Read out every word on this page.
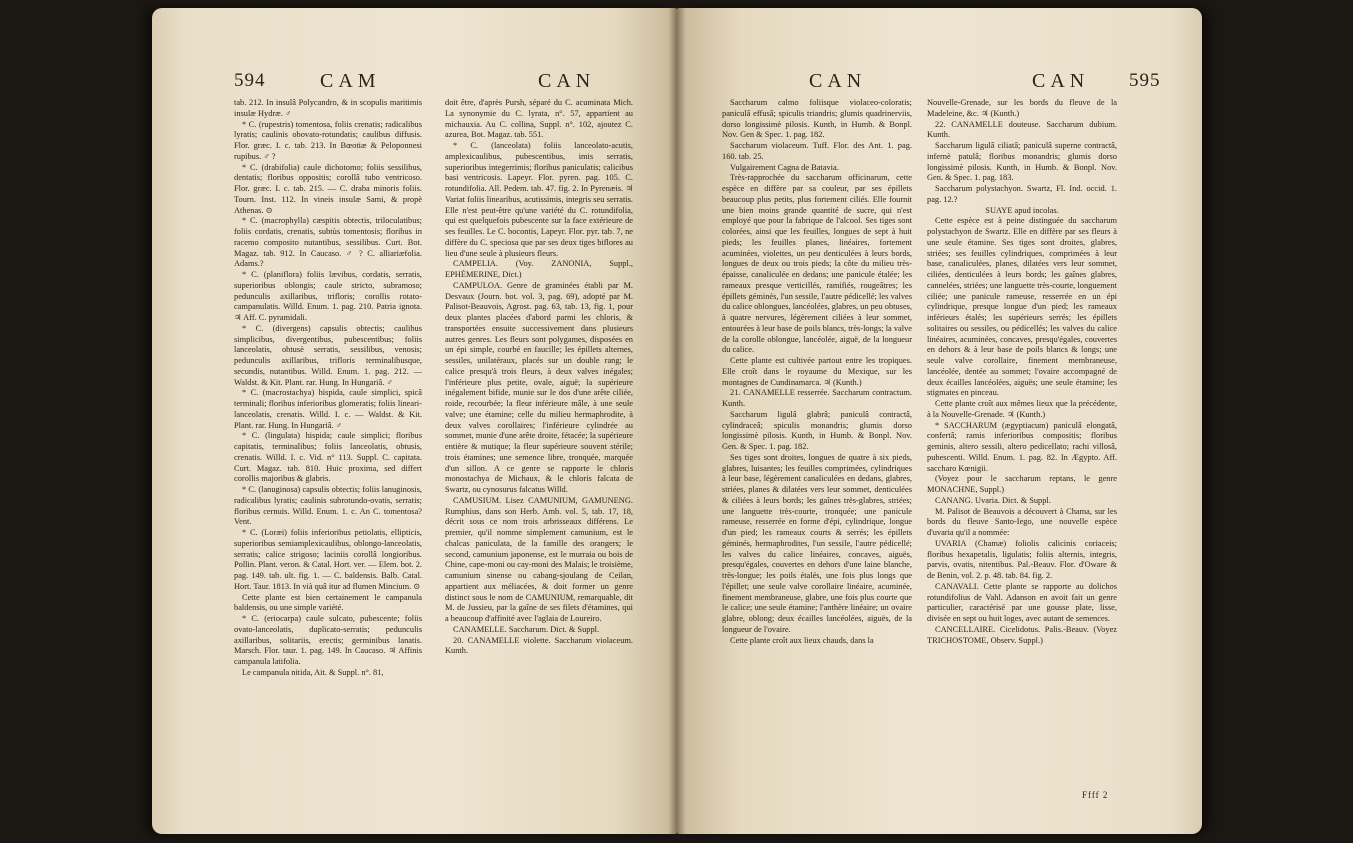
594	CAM	CAN

tab. 212. In insulâ Polycandro, & in scopulis maritimis insulæ Hydræ. ♂

* C. (rupestris) tomentosa, foliis crenatis; radicalibus lyratis; caulinis obovato-rotundatis; caulibus diffusis. Flor. græc. I. c. tab. 213. In Bœotiæ & Peloponnesi rupibus. ♂ ?

* C. (drabifolia) caule dichotomo; foliis sessilibus, dentatis; floribus oppositis; corollâ tubo ventricoso. Flor. græc. I. c. tab. 215. — C. draba minoris foliis. Tourn. Inst. 112. In vineis insulæ Sami, & propè Athenas. ⊙

* C. (macrophylla) cæspitis obtectis, triloculatibus; foliis cordatis, crenatis, subtùs tomentosis; floribus in racemo composito nutantibus, sessilibus. Curt. Bot. Magaz. tab. 912. In Caucaso. ♂ ? C. alliariæfolia. Adams.?

* C. (planiflora) foliis lævibus, cordatis, serratis, superioribus oblongis; caule stricto, subramoso; pedunculis axillaribus, trifloris; corollis rotato-campanulatis. Willd. Enum. 1. pag. 210. Patria ignota. ♃ Aff. C. pyramidali.

* C. (divergens) capsulis obtectis; caulibus simplicibus, divergentibus, pubescentibus; foliis lanceolatis, obtusè serratis, sessilibus, venosis; pedunculis axillaribus, trifloris terminalibusque, secundis, nutantibus. Willd. Enum. 1. pag. 212. — Waldst. & Kit. Plant. rar. Hung. In Hungariâ. ♂

* C. (macrostachya) hispida, caule simplici, spicâ terminali; floribus inferioribus glomeratis; foliis lineari-lanceolatis, crenatis. Willd. I. c. — Waldst. & Kit. Plant. rar. Hung. In Hungariâ. ♂

* C. (lingulata) hispida; caule simplici; floribus capitatis, terminalibus; foliis lanceolatis, obtusis, crenatis. Willd. I. c. Vid. n° 113. Suppl. C. capitata. Curt. Magaz. tab. 810. Huic proxima, sed differt corollis majoribus & glabris.

* C. (lanuginosa) capsulis obtectis; foliis lanuginosis, radicalibus lyratis; caulinis subrotundo-ovatis, serratis; floribus cernuis. Willd. Enum. 1. c. An C. tomentosa? Vent.

* C. (Loræi) foliis inferioribus petiolatis, ellipticis, superioribus semiamplexicaulibus, oblongo-lanceolatis, serratis; calice strigoso; laciniis corollâ longioribus. Pollin. Plant. veron. & Catal. Hort. ver. — Elem. bot. 2. pag. 149. tab. ult. fig. 1. — C. baldensis. Balb. Catal. Hort. Taur. 1813. In vià quâ itur ad flumen Mincium. ⊙

Cette plante est bien certainement le campanula baldensis, ou une simple variété.

* C. (eriocarpa) caule sulcato, pubescente; foliis ovato-lanceolatis, duplicato-serratis; pedunculis axillaribus, solitariis, erectis; germinibus lanatis. Marsch. Flor. taur. 1. pag. 149. In Caucaso. ♃ Affinis campanula latifolia.

Le campanula nitida, Ait. & Suppl. n°. 81,

doit être, d'après Pursh, séparé du C. acuminata Mich. La synonymie du C. lyrata, n°. 57, appartient au michauxia. Au C. collina, Suppl. n°. 102, ajoutez C. azurea, Bot. Magaz. tab. 551.

* C. (lanceolata) foliis lanceolato-acutis, amplexicaulibus, pubescentibus, imis serratis, superioribus integerrimis; floribus paniculatis; calicibus basi ventricosis. Lapeyr. Flor. pyren. pag. 105. C. rotundifolia. All. Pedem. tab. 47. fig. 2. In Pyrenæis. ♃ Variat foliis linearibus, acutissimis, integris seu serratis. Elle n'est peut-être qu'une variété du C. rotundifolia, qui est quelquefois pubescente sur la face extérieure de ses feuilles. Le C. bocontis, Lapeyr. Flor. pyr. tab. 7, ne diffère du C. speciosa que par ses deux tiges biflores au lieu d'une seule à plusieurs fleurs.

CAMPELIA. (Voy. ZANONIA, Suppl., EPHÉMERINE, Dict.)

CAMPULOA. Genre de graminées établi par M. Desvaux (Journ. bot. vol. 3, pag. 69), adopté par M. Palisot-Beauvois, Agrost. pag. 63, tab. 13, fig. 1, pour deux plantes placées d'abord parmi les chloris, & transportées ensuite successivement dans plusieurs autres genres. Les fleurs sont polygames, disposées en un épi simple, courbé en faucille; les épillets alternes, sessiles, unilatéraux, placés sur un double rang; le calice presqu'à trois fleurs, à deux valves inégales; l'inférieure plus petite, ovale, aiguë; la supérieure inégalement bifide, munie sur le dos d'une arête ciliée, roide, recourbée; la fleur inférieure mâle, à une seule valve; une étamine; celle du milieu hermaphrodite, à deux valves corollaires; l'inférieure cylindrée au sommet, munie d'une arête droite, fétacée; la supérieure entière & mutique; la fleur supérieure souvent stérile; trois étamines; une semence libre, tronquée, marquée d'un sillon. A ce genre se rapporte le chloris monostachya de Michaux, & le chloris falcata de Swartz, ou cynosurus falcatus Willd.

CAMUSIUM. Lisez CAMUNIUM, GAMUNENG. Rumphius, dans son Herb. Amb. vol. 5, tab. 17, 18, décrit sous ce nom trois arbrisseaux différens. Le premier, qu'il nomme simplement camunium, est le chalcas paniculata, de la famille des orangers; le second, camunium japonense, est le murraia ou bois de Chine, cape-moni ou cay-moni des Malais; le troisième, camunium sinense ou cabang-sjoulang de Ceilan, appartient aux méliacées, & doit former un genre distinct sous le nom de CAMUNIUM, remarquable, dit M. de Jussieu, par la gaîne de ses filets d'étamines, qui a beaucoup d'affinité avec l'aglaia de Loureiro.

CANAMELLE. Saccharum. Dict. & Suppl.

20. CANAMELLE violette. Saccharum violaceum. Kunth.

CAN	CAN 595

Saccharum calmo foliisque violaceo-coloratis; paniculâ effusâ; spiculis triandris; glumis quadrinerviis, dorso longissimè pilosis. Kunth, in Humb. & Bonpl. Nov. Gen & Spec. 1. pag. 182.

Saccharum violaceum. Tuff. Flor. des Ant. 1. pag. 160. tab. 25.

Vulgairement Cagna de Batavia.

Très-rapprochée du saccharum officinarum, cette espèce en diffère par sa couleur, par ses épillets beaucoup plus petits, plus fortement ciliés. Elle fournit une bien moins grande quantité de sucre, qui n'est employé que pour la fabrique de l'alcool. Ses tiges sont colorées, ainsi que les feuilles, longues de sept à huit pieds; les feuilles planes, linéaires, fortement acuminées, violettes, un peu denticulées à leurs bords, longues de deux ou trois pieds; la côte du milieu très-épaisse, canaliculée en dedans; une panicule étalée; les rameaux presque verticillés, ramifiés, rougeâtres; les épillets géminés, l'un sessile, l'autre pédicellé; les valves du calice oblongues, lancéolées, glabres, un peu obtuses, à quatre nervures, légèrement ciliées à leur sommet, entourées à leur base de poils blancs, très-longs; la valve de la corolle oblongue, lancéolée, aiguë, de la longueur du calice.

Cette plante est cultivée partout entre les tropiques. Elle croît dans le royaume du Mexique, sur les montagnes de Cundinamarca. ♃ (Kunth.)

21. CANAMELLE resserrée. Saccharum contractum. Kunth.

Saccharum ligulâ glabrâ; paniculâ contractâ, cylindraceâ; spiculis monandris; glumis dorso longissimè pilosis. Kunth, in Humb. & Bonpl. Nov. Gen. & Spec. 1. pag. 182.

Ses tiges sont droites, longues de quatre à six pieds, glabres, luisantes; les feuilles comprimées, cylindriques à leur base, légèrement canaliculées en dedans, glabres, striées, planes & dilatées vers leur sommet, denticulées & ciliées à leurs bords; les gaînes très-glabres, striées; une languette très-courte, tronquée; une panicule rameuse, resserrée en forme d'épi, cylindrique, longue d'un pied; les rameaux courts & serrés; les épillets géminés, hermaphrodites, l'un sessile, l'autre pédicellé; les valves du calice linéaires, concaves, aiguës, presqu'égales, couvertes en dehors d'une laine blanche, très-longue; les poils étalés, une fois plus longs que l'épillet; une seule valve corollaire linéaire, acuminée, finement membraneuse, glabre, une fois plus courte que le calice; une seule étamine; l'anthère linéaire; un ovaire glabre, oblong; deux écailles lancéolées, aiguës, de la longueur de l'ovaire.

Cette plante croît aux lieux chauds, dans la

Nouvelle-Grenade, sur les bords du fleuve de la Madeleine, &c. ♃ (Kunth.)

22. CANAMELLE douteuse. Saccharum dubium. Kunth.

Saccharum ligulâ ciliatâ; paniculâ superne contractâ, infernè patulâ; floribus monandris; glumis dorso longissimè pilosis. Kunth, in Humb. & Bonpl. Nov. Gen. & Spec. 1. pag. 183.

Saccharum polystachyon. Swartz, Fl. Ind. occid. 1. pag. 12.?

SUAYE apud incolas.

Cette espèce est à peine distinguée du saccharum polystachyon de Swartz. Elle en diffère par ses fleurs à une seule étamine. Ses tiges sont droites, glabres, striées; ses feuilles cylindriques, comprimées à leur base, canaliculées, planes, dilatées vers leur sommet, ciliées, denticulées à leurs bords; les gaînes glabres, cannelées, striées; une languette très-courte, longuement ciliée; une panicule rameuse, resserrée en un épi cylindrique, presque longue d'un pied; les rameaux inférieurs étalés; les supérieurs serrés; les épillets solitaires ou sessiles, ou pédicellés; les valves du calice linéaires, acuminées, concaves, presqu'égales, couvertes en dehors & à leur base de poils blancs & longs; une seule valve corollaire, finement membraneuse, lancéolée, dentée au sommet; l'ovaire accompagné de deux écailles lancéolées, aiguës; une seule étamine; les stigmates en pinceau.

Cette plante croît aux mêmes lieux que la précédente, à la Nouvelle-Grenade. ♃ (Kunth.)

* SACCHARUM (ægyptiacum) paniculâ elongatâ, confertâ; ramis inferioribus compositis; floribus geminis, altero sessili, altero pedicellato; rachi villosâ, pubescenti. Willd. Enum. 1. pag. 82. In Ægypto. Aff. saccharo Kœnigii.

(Voyez pour le saccharum reptans, le genre MONACHNE, Suppl.)

CANANG. Uvaria. Dict. & Suppl.

M. Palisot de Beauvois a découvert à Chama, sur les bords du fleuve Santo-Iego, une nouvelle espèce d'uvaria qu'il a nommée:

UVARIA (Chamæ) foliolis calicinis coriaceis; floribus hexapetalis, ligulatis; foliis alternis, integris, parvis, ovatis, nitentibus. Pal.-Beauv. Flor. d'Oware & de Benin, vol. 2. p. 48. tab. 84. fig. 2.

CANAVALI. Cette plante se rapporte au dolichos rotundifolius de Vahl. Adanson en avoit fait un genre particulier, caractérisé par une gousse plate, lisse, divisée en sept ou huit loges, avec autant de semences.

CANCELLAIRE. Cicelidotus. Palis.-Beauv. (Voyez TRICHOSTOME, Observ. Suppl.)

Ffff 2
